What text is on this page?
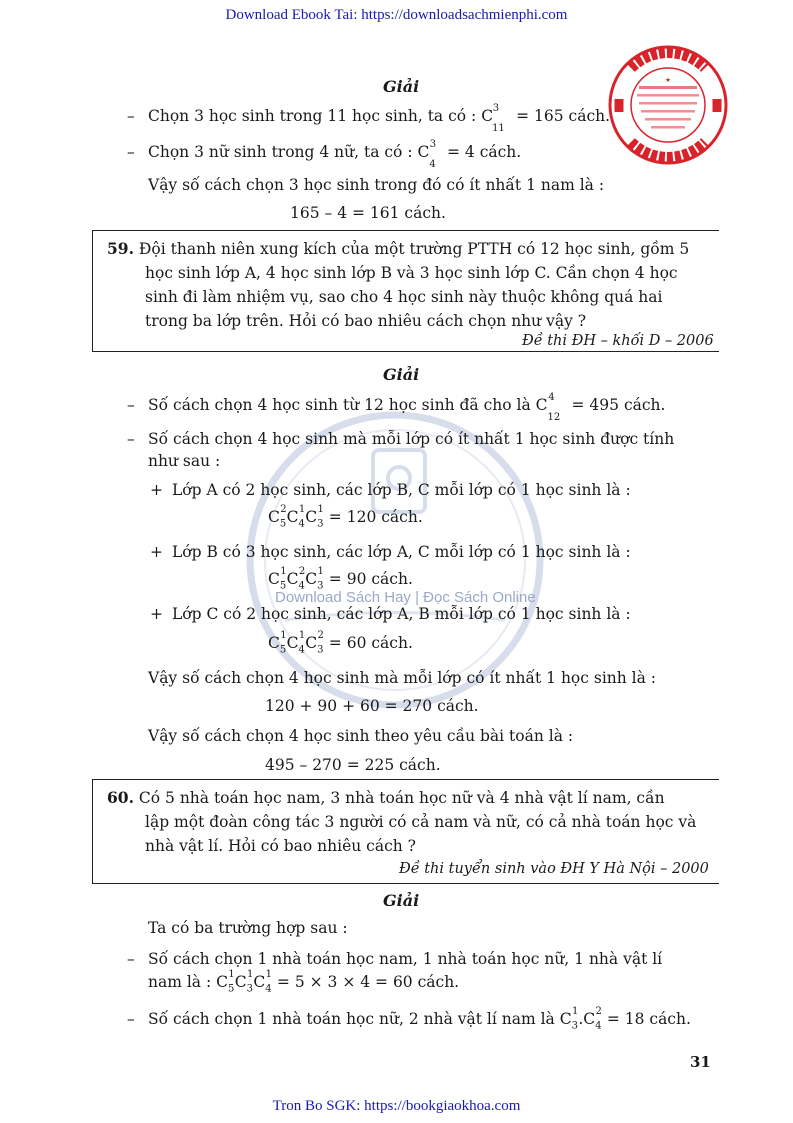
Download Ebook Tai: https://downloadsachmienphi.com
★
Download Sách Hay | Đọc Sách Online
Giải
– Chọn 3 học sinh trong 11 học sinh, ta có : $C_{11}^3 = 165$ cách.
– Chọn 3 nữ sinh trong 4 nữ, ta có : $C_4^3 = 4$ cách.
Vậy số cách chọn 3 học sinh trong đó có ít nhất 1 nam là :
165 – 4 = 161 cách.

59. Đội thanh niên xung kích của một trường PTTH có 12 học sinh, gồm 5

học sinh lớp A, 4 học sinh lớp B và 3 học sinh lớp C. Cần chọn 4 học

sinh đi làm nhiệm vụ, sao cho 4 học sinh này thuộc không quá hai

trong ba lớp trên. Hỏi có bao nhiêu cách chọn như vậy ?

Đề thi ĐH – khối D – 2006
Giải
– Số cách chọn 4 học sinh từ 12 học sinh đã cho là $C_{12}^4 = 495$ cách.
– Số cách chọn 4 học sinh mà mỗi lớp có ít nhất 1 học sinh được tính
như sau :
+ Lớp A có 2 học sinh, các lớp B, C mỗi lớp có 1 học sinh là :
$C_5^2C_4^1C_3^1 = 120$ cách.
+ Lớp B có 3 học sinh, các lớp A, C mỗi lớp có 1 học sinh là :
$C_5^1C_4^2C_3^1 = 90$ cách.
+ Lớp C có 2 học sinh, các lớp A, B mỗi lớp có 1 học sinh là :
$C_5^1C_4^1C_3^2 = 60$ cách.
Vậy số cách chọn 4 học sinh mà mỗi lớp có ít nhất 1 học sinh là :
120 + 90 + 60 = 270 cách.
Vậy số cách chọn 4 học sinh theo yêu cầu bài toán là :
495 – 270 = 225 cách.

60. Có 5 nhà toán học nam, 3 nhà toán học nữ và 4 nhà vật lí nam, cần

lập một đoàn công tác 3 người có cả nam và nữ, có cả nhà toán học và

nhà vật lí. Hỏi có bao nhiêu cách ?

Đề thi tuyển sinh vào ĐH Y Hà Nội – 2000
Giải
Ta có ba trường hợp sau :
– Số cách chọn 1 nhà toán học nam, 1 nhà toán học nữ, 1 nhà vật lí
nam là : $C_5^1C_3^1C_4^1 = 5 \times 3 \times 4 = 60$ cách.
– Số cách chọn 1 nhà toán học nữ, 2 nhà vật lí nam là $C_3^1.C_4^2 = 18$ cách.
31
Tron Bo SGK: https://bookgiaokhoa.com
